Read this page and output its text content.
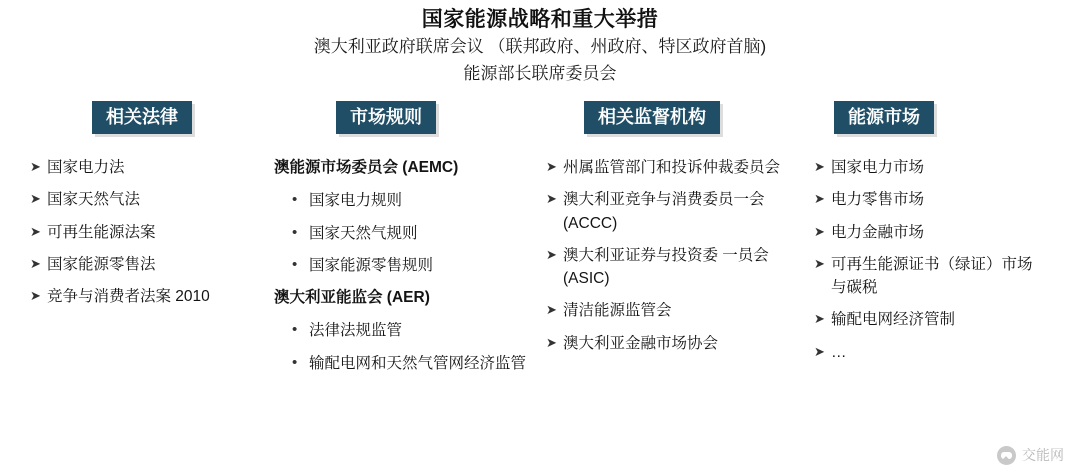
国家能源战略和重大举措
澳大利亚政府联席会议 （联邦政府、州政府、特区政府首脑)
能源部长联席委员会
相关法律
➤ 国家电力法
➤ 国家天然气法
➤ 可再生能源法案
➤ 国家能源零售法
➤ 竞争与消费者法案 2010
市场规则
澳能源市场委员会 (AEMC)
• 国家电力规则
• 国家天然气规则
• 国家能源零售规则
澳大利亚能监会 (AER)
• 法律法规监管
• 输配电网和天然气管网经济监管
相关监督机构
➤ 州属监管部门和投诉仲裁委员会
➤ 澳大利亚竞争与消费委员一会 (ACCC)
➤ 澳大利亚证券与投资委 一员会 (ASIC)
➤ 清洁能源监管会
➤ 澳大利亚金融市场协会
能源市场
➤ 国家电力市场
➤ 电力零售市场
➤ 电力金融市场
➤ 可再生能源证书（绿证）市场与碳税
➤ 输配电网经济管制
➤ …
交能网
